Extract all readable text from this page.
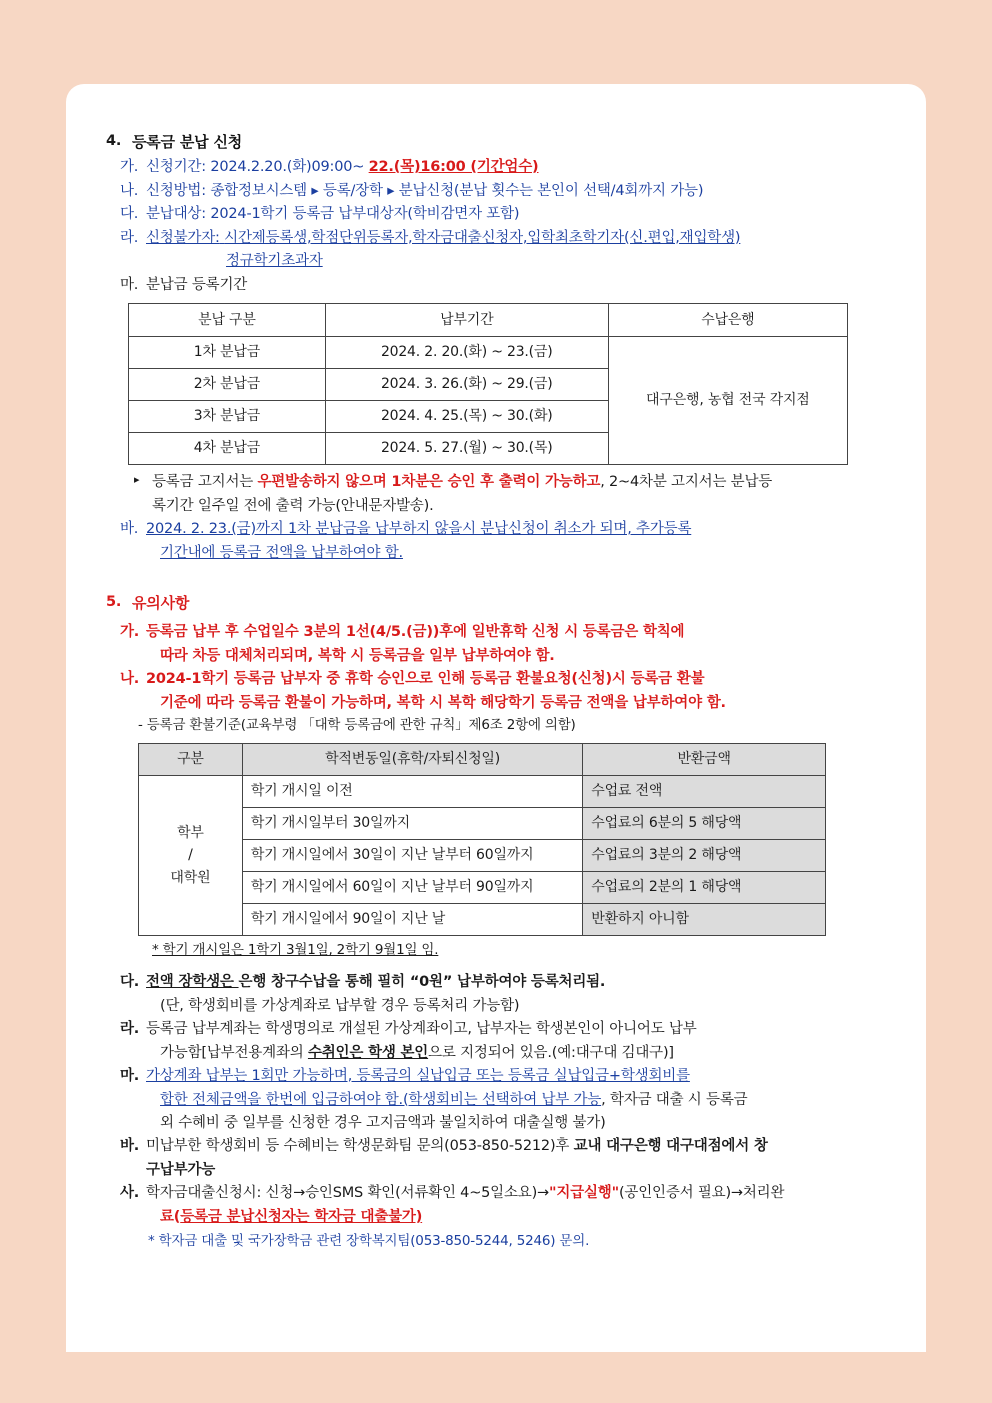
4. 등록금 분납 신청
가. 신청기간: 2024.2.20.(화)09:00~ 22.(목)16:00 (기간엄수)
나. 신청방법: 종합정보시스템 ▸ 등록/장학 ▸ 분납신청(분납 횟수는 본인이 선택/4회까지 가능)
다. 분납대상: 2024-1학기 등록금 납부대상자(학비감면자 포함)
라. 신청불가자: 시간제등록생,학점단위등록자,학자금대출신청자,입학최초학기자(신.편입,재입학생)
정규학기초과자
마. 분납금 등록기간
분납 구분	납부기간	수납은행
1차 분납금	2024. 2. 20.(화) ~ 23.(금)	대구은행, 농협 전국 각지점
2차 분납금	2024. 3. 26.(화) ~ 29.(금)	
3차 분납금	2024. 4. 25.(목) ~ 30.(화)	
4차 분납금	2024. 5. 27.(월) ~ 30.(목)	
▸ 등록금 고지서는 우편발송하지 않으며 1차분은 승인 후 출력이 가능하고, 2~4차분 고지서는 분납등
록기간 일주일 전에 출력 가능(안내문자발송).
바. 2024. 2. 23.(금)까지 1차 분납금을 납부하지 않을시 분납신청이 취소가 되며, 추가등록
기간내에 등록금 전액을 납부하여야 함.
5. 유의사항
가. 등록금 납부 후 수업일수 3분의 1선(4/5.(금))후에 일반휴학 신청 시 등록금은 학칙에
따라 차등 대체처리되며, 복학 시 등록금을 일부 납부하여야 함.
나. 2024-1학기 등록금 납부자 중 휴학 승인으로 인해 등록금 환불요청(신청)시 등록금 환불
기준에 따라 등록금 환불이 가능하며, 복학 시 복학 해당학기 등록금 전액을 납부하여야 함.
- 등록금 환불기준(교육부령 「대학 등록금에 관한 규칙」제6조 2항에 의함)
구분	학적변동일(휴학/자퇴신청일)	반환금액

학부
/
대학원	학기 개시일 이전	수업료 전액
	학기 개시일부터 30일까지	수업료의 6분의 5 해당액
	학기 개시일에서 30일이 지난 날부터 60일까지	수업료의 3분의 2 해당액
	학기 개시일에서 60일이 지난 날부터 90일까지	수업료의 2분의 1 해당액
	학기 개시일에서 90일이 지난 날	반환하지 아니함
* 학기 개시일은 1학기 3월1일, 2학기 9월1일 임.
다. 전액 장학생은 은행 창구수납을 통해 필히 “0원” 납부하여야 등록처리됨.
(단, 학생회비를 가상계좌로 납부할 경우 등록처리 가능함)
라. 등록금 납부계좌는 학생명의로 개설된 가상계좌이고, 납부자는 학생본인이 아니어도 납부
가능함[납부전용계좌의 수취인은 학생 본인으로 지정되어 있음.(예:대구대 김대구)]
마. 가상계좌 납부는 1회만 가능하며, 등록금의 실납입금 또는 등록금 실납입금+학생회비를
합한 전체금액을 한번에 입금하여야 함.(학생회비는 선택하여 납부 가능, 학자금 대출 시 등록금
외 수혜비 중 일부를 신청한 경우 고지금액과 불일치하여 대출실행 불가)
바. 미납부한 학생회비 등 수혜비는 학생문화팀 문의(053-850-5212)후 교내 대구은행 대구대점에서 창
구납부가능
사. 학자금대출신청시: 신청→승인SMS 확인(서류확인 4~5일소요)→"지급실행"(공인인증서 필요)→처리완
료(등록금 분납신청자는 학자금 대출불가)
* 학자금 대출 및 국가장학금 관련 장학복지팀(053-850-5244, 5246) 문의.
